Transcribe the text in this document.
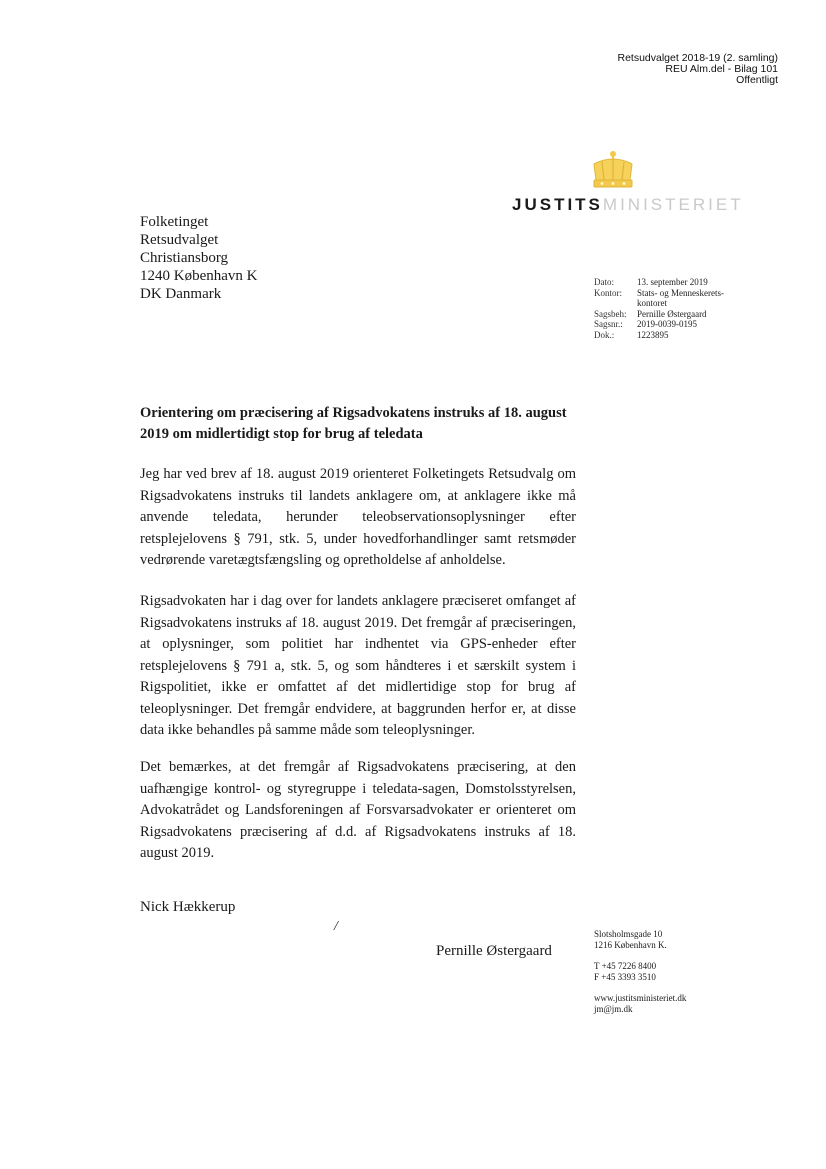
Retsudvalget 2018-19 (2. samling)
REU Alm.del - Bilag 101
Offentligt
JUSTITSMINISTERIET
Folketinget
Retsudvalget
Christiansborg
1240 København K
DK Danmark
Dato:	13. september 2019
Kontor:	Stats- og Menneskerets-
kontoret
Sagsbeh:	Pernille Østergaard
Sagsnr.:	2019-0039-0195
Dok.:	1223895
Orientering om præcisering af Rigsadvokatens instruks af 18. august 2019 om midlertidigt stop for brug af teledata
Jeg har ved brev af 18. august 2019 orienteret Folketingets Retsudvalg om Rigsadvokatens instruks til landets anklagere om, at anklagere ikke må anvende teledata, herunder teleobservationsoplysninger efter retsplejelovens § 791, stk. 5, under hovedforhandlinger samt retsmøder vedrørende varetægtsfængsling og opretholdelse af anholdelse.
Rigsadvokaten har i dag over for landets anklagere præciseret omfanget af Rigsadvokatens instruks af 18. august 2019. Det fremgår af præciseringen, at oplysninger, som politiet har indhentet via GPS-enheder efter retsplejelovens § 791 a, stk. 5, og som håndteres i et særskilt system i Rigspolitiet, ikke er omfattet af det midlertidige stop for brug af teleoplysninger. Det fremgår endvidere, at baggrunden herfor er, at disse data ikke behandles på samme måde som teleoplysninger.
Det bemærkes, at det fremgår af Rigsadvokatens præcisering, at den uafhængige kontrol- og styregruppe i teledata-sagen, Domstolsstyrelsen, Advokatrådet og Landsforeningen af Forsvarsadvokater er orienteret om Rigsadvokatens præcisering af d.d. af Rigsadvokatens instruks af 18. august 2019.
Nick Hækkerup
/
Pernille Østergaard
Slotsholmsgade 10
1216 København K.
T +45 7226 8400
F +45 3393 3510
www.justitsministeriet.dk
jm@jm.dk
